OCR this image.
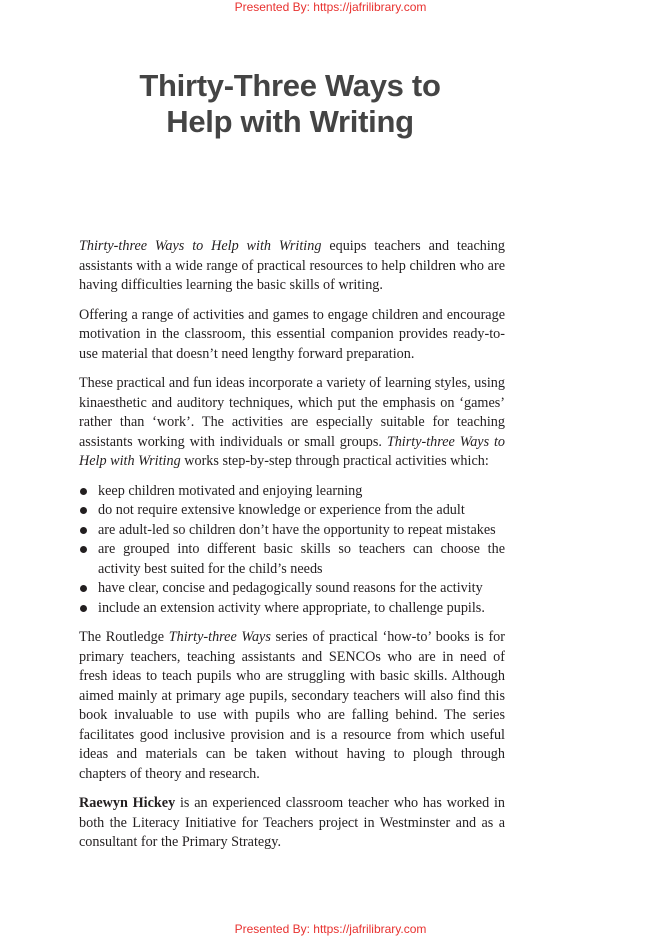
Presented By: https://jafrilibrary.com
Thirty-Three Ways to
Help with Writing

Thirty-three Ways to Help with Writing equips teachers and teaching assistants with a wide range of practical resources to help children who are having difficulties learning the basic skills of writing.

Offering a range of activities and games to engage children and encourage motivation in the classroom, this essential companion provides ready-to-use material that doesn’t need lengthy forward preparation.

These practical and fun ideas incorporate a variety of learning styles, using kinaesthetic and auditory techniques, which put the emphasis on ‘games’ rather than ‘work’. The activities are especially suitable for teaching assistants working with individuals or small groups. Thirty-three Ways to Help with Writing works step-by-step through practical activities which:

keep children motivated and enjoying learning
do not require extensive knowledge or experience from the adult
are adult-led so children don’t have the opportunity to repeat mistakes
are grouped into different basic skills so teachers can choose the activity best suited for the child’s needs
have clear, concise and pedagogically sound reasons for the activity
include an extension activity where appropriate, to challenge pupils.

The Routledge Thirty-three Ways series of practical ‘how-to’ books is for primary teachers, teaching assistants and SENCOs who are in need of fresh ideas to teach pupils who are struggling with basic skills. Although aimed mainly at primary age pupils, secondary teachers will also find this book invaluable to use with pupils who are falling behind. The series facilitates good inclusive provision and is a resource from which useful ideas and materials can be taken without having to plough through chapters of theory and research.

Raewyn Hickey is an experienced classroom teacher who has worked in both the Literacy Initiative for Teachers project in Westminster and as a consultant for the Primary Strategy.

Presented By: https://jafrilibrary.com
